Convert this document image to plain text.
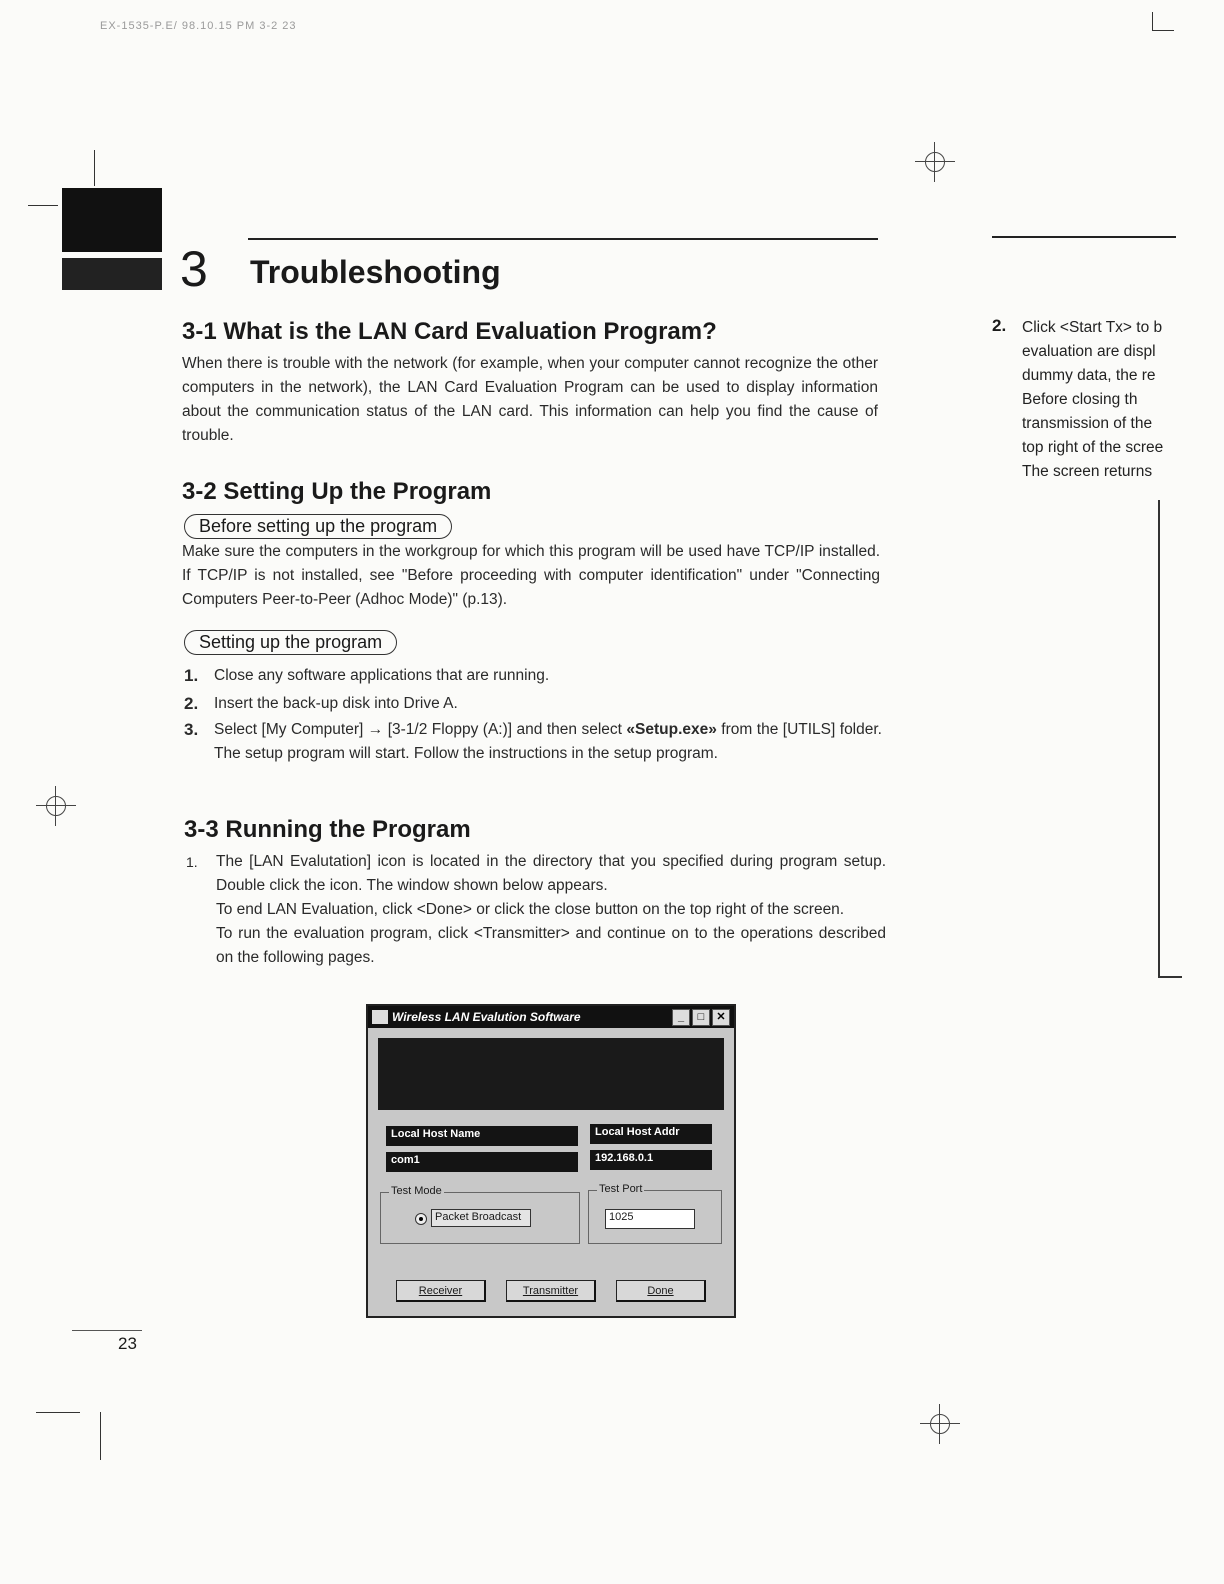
EX-1535-P.E/ 98.10.15 PM 3-2 23
3 Troubleshooting
3-1 What is the LAN Card Evaluation Program?
When there is trouble with the network (for example, when your computer cannot recognize the other computers in the network), the LAN Card Evaluation Program can be used to display information about the communication status of the LAN card. This information can help you find the cause of trouble.
3-2 Setting Up the Program
Before setting up the program
Make sure the computers in the workgroup for which this program will be used have TCP/IP installed. If TCP/IP is not installed, see "Before proceeding with computer identification" under "Connecting Computers Peer-to-Peer (Adhoc Mode)" (p.13).
Setting up the program
1. Close any software applications that are running.
2. Insert the back-up disk into Drive A.
3. Select [My Computer] → [3-1/2 Floppy (A:)] and then select «Setup.exe» from the [UTILS] folder. The setup program will start. Follow the instructions in the setup program.
3-3 Running the Program
1. The [LAN Evalutation] icon is located in the directory that you specified during program setup. Double click the icon. The window shown below appears.
To end LAN Evaluation, click <Done> or click the close button on the top right of the screen.
To run the evaluation program, click <Transmitter> and continue on to the operations described on the following pages.
Wireless LAN Evalution Software	_	□	✕
Local Host Name	Local Host Addr
com1	192.168.0.1
Test Mode
Packet Broadcast
Test Port
1025
Receiver	Transmitter	Done
2. Click <Start Tx> to b
evaluation are displ
dummy data, the re
Before closing th
transmission of the
top right of the scree
The screen returns
23
